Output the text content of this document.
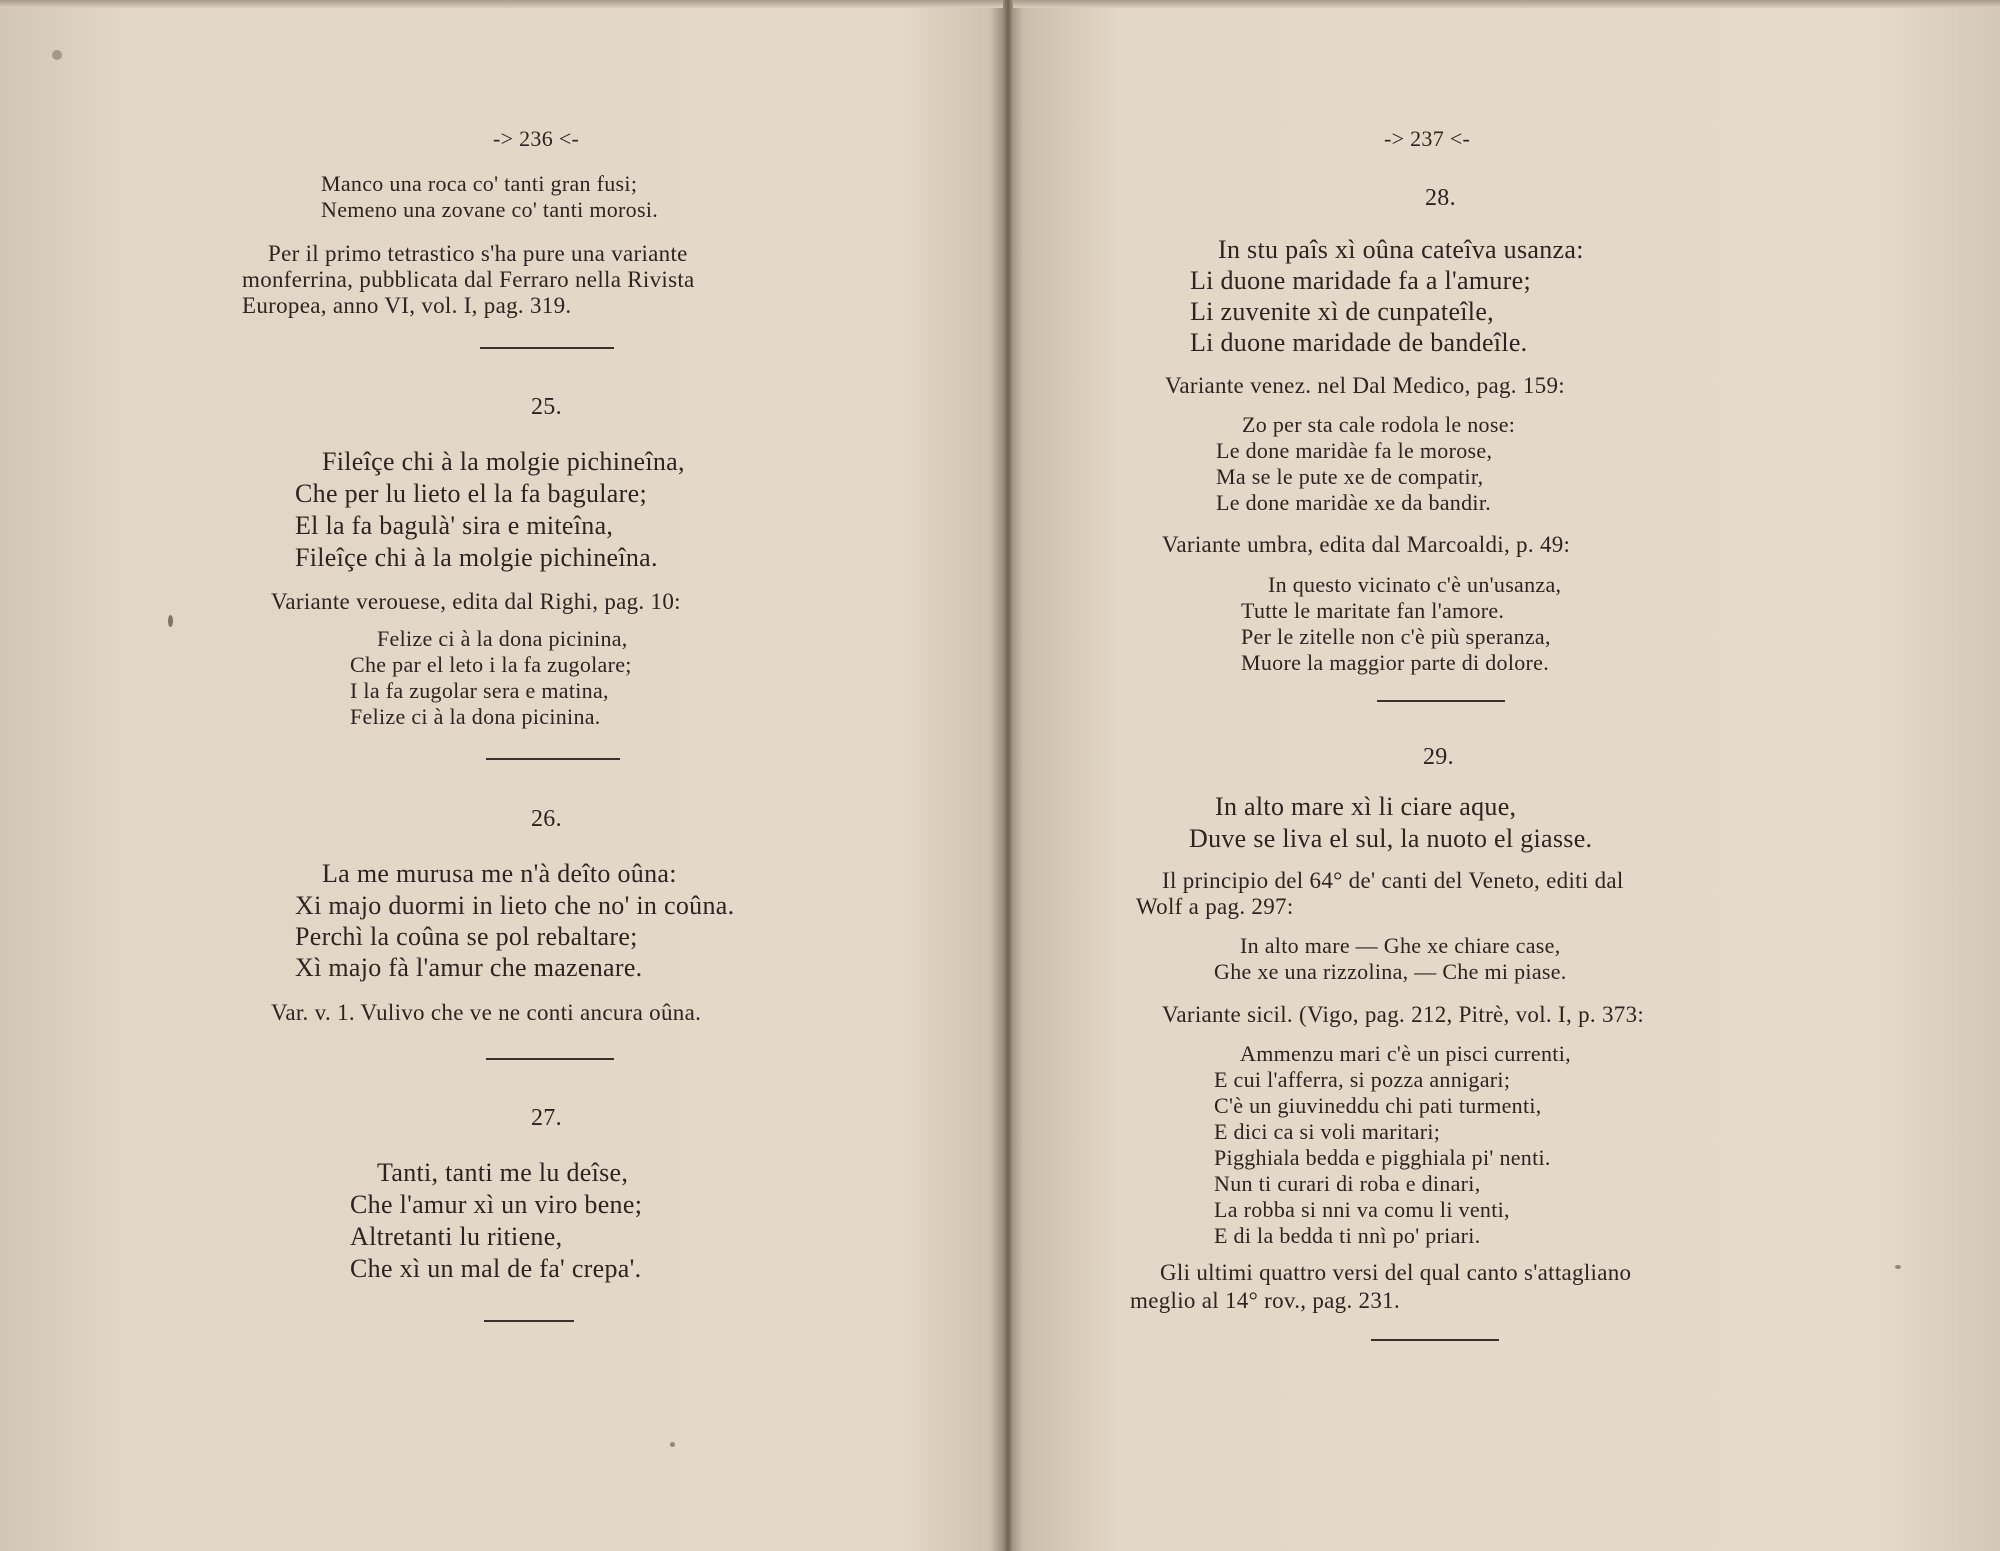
-> 236 <-
Manco una roca co' tanti gran fusi;
Nemeno una zovane co' tanti morosi.
Per il primo tetrastico s'ha pure una variante
monferrina, pubblicata dal Ferraro nella Rivista
Europea, anno VI, vol. I, pag. 319.
25.
Fileîçe chi à la molgie pichineîna,
Che per lu lieto el la fa bagulare;
El la fa bagulà' sira e miteîna,
Fileîçe chi à la molgie pichineîna.
Variante verouese, edita dal Righi, pag. 10:
Felize ci à la dona picinina,
Che par el leto i la fa zugolare;
I la fa zugolar sera e matina,
Felize ci à la dona picinina.
26.
La me murusa me n'à deîto oûna:
Xi majo duormi in lieto che no' in coûna.
Perchì la coûna se pol rebaltare;
Xì majo fà l'amur che mazenare.
Var. v. 1. Vulivo che ve ne conti ancura oûna.
27.
Tanti, tanti me lu deîse,
Che l'amur xì un viro bene;
Altretanti lu ritiene,
Che xì un mal de fa' crepa'.
-> 237 <-
28.
In stu paîs xì oûna cateîva usanza:
Li duone maridade fa a l'amure;
Li zuvenite xì de cunpateîle,
Li duone maridade de bandeîle.
Variante venez. nel Dal Medico, pag. 159:
Zo per sta cale rodola le nose:
Le done maridàe fa le morose,
Ma se le pute xe de compatir,
Le done maridàe xe da bandir.
Variante umbra, edita dal Marcoaldi, p. 49:
In questo vicinato c'è un'usanza,
Tutte le maritate fan l'amore.
Per le zitelle non c'è più speranza,
Muore la maggior parte di dolore.
29.
In alto mare xì li ciare aque,
Duve se liva el sul, la nuoto el giasse.
Il principio del 64° de' canti del Veneto, editi dal
Wolf a pag. 297:
In alto mare — Ghe xe chiare case,
Ghe xe una rizzolina, — Che mi piase.
Variante sicil. (Vigo, pag. 212, Pitrè, vol. I, p. 373:
Ammenzu mari c'è un pisci currenti,
E cui l'afferra, si pozza annigari;
C'è un giuvineddu chi pati turmenti,
E dici ca si voli maritari;
Pigghiala bedda e pigghiala pi' nenti.
Nun ti curari di roba e dinari,
La robba si nni va comu li venti,
E di la bedda ti nnì po' priari.
Gli ultimi quattro versi del qual canto s'attagliano
meglio al 14° rov., pag. 231.
